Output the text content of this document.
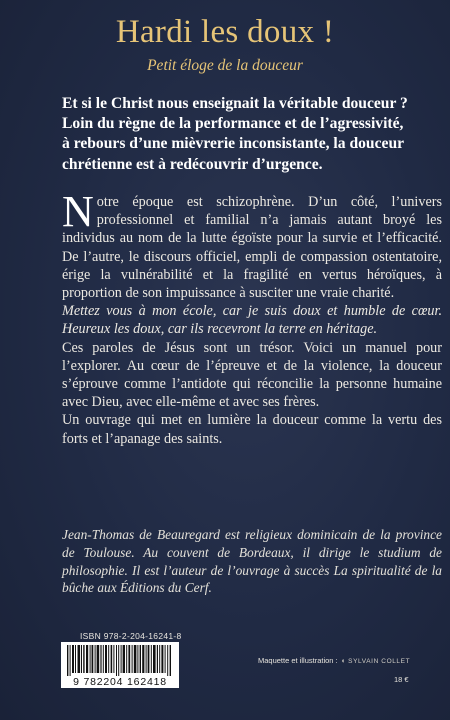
Hardi les doux !
Petit éloge de la douceur
Et si le Christ nous enseignait la véritable douceur ?
Loin du règne de la performance et de l’agressivité,
à rebours d’une mièvrerie inconsistante, la douceur
chrétienne est à redécouvrir d’urgence.

Notre époque est schizophrène. D’un côté, l’univers professionnel et familial n’a jamais autant broyé les individus au nom de la lutte égoïste pour la survie et l’efficacité. De l’autre, le discours officiel, empli de compassion ostentatoire, érige la vulnérabilité et la fragilité en vertus héroïques, à proportion de son impuissance à susciter une vraie charité.

Mettez vous à mon école, car je suis doux et humble de cœur. Heureux les doux, car ils recevront la terre en héritage.

Ces paroles de Jésus sont un trésor. Voici un manuel pour l’explorer. Au cœur de l’épreuve et de la violence, la douceur s’éprouve comme l’antidote qui réconcilie la personne humaine avec Dieu, avec elle-même et avec ses frères.

Un ouvrage qui met en lumière la douceur comme la vertu des forts et l’apanage des saints.

Jean-Thomas de Beauregard est religieux dominicain de la province de Toulouse. Au couvent de Bordeaux, il dirige le studium de philosophie. Il est l’auteur de l’ouvrage à succès La spiritualité de la bûche aux Éditions du Cerf.
ISBN 978-2-204-16241-8
9 782204 162418
Maquette et illustration : ◖ SYLVAIN COLLET
18 €
